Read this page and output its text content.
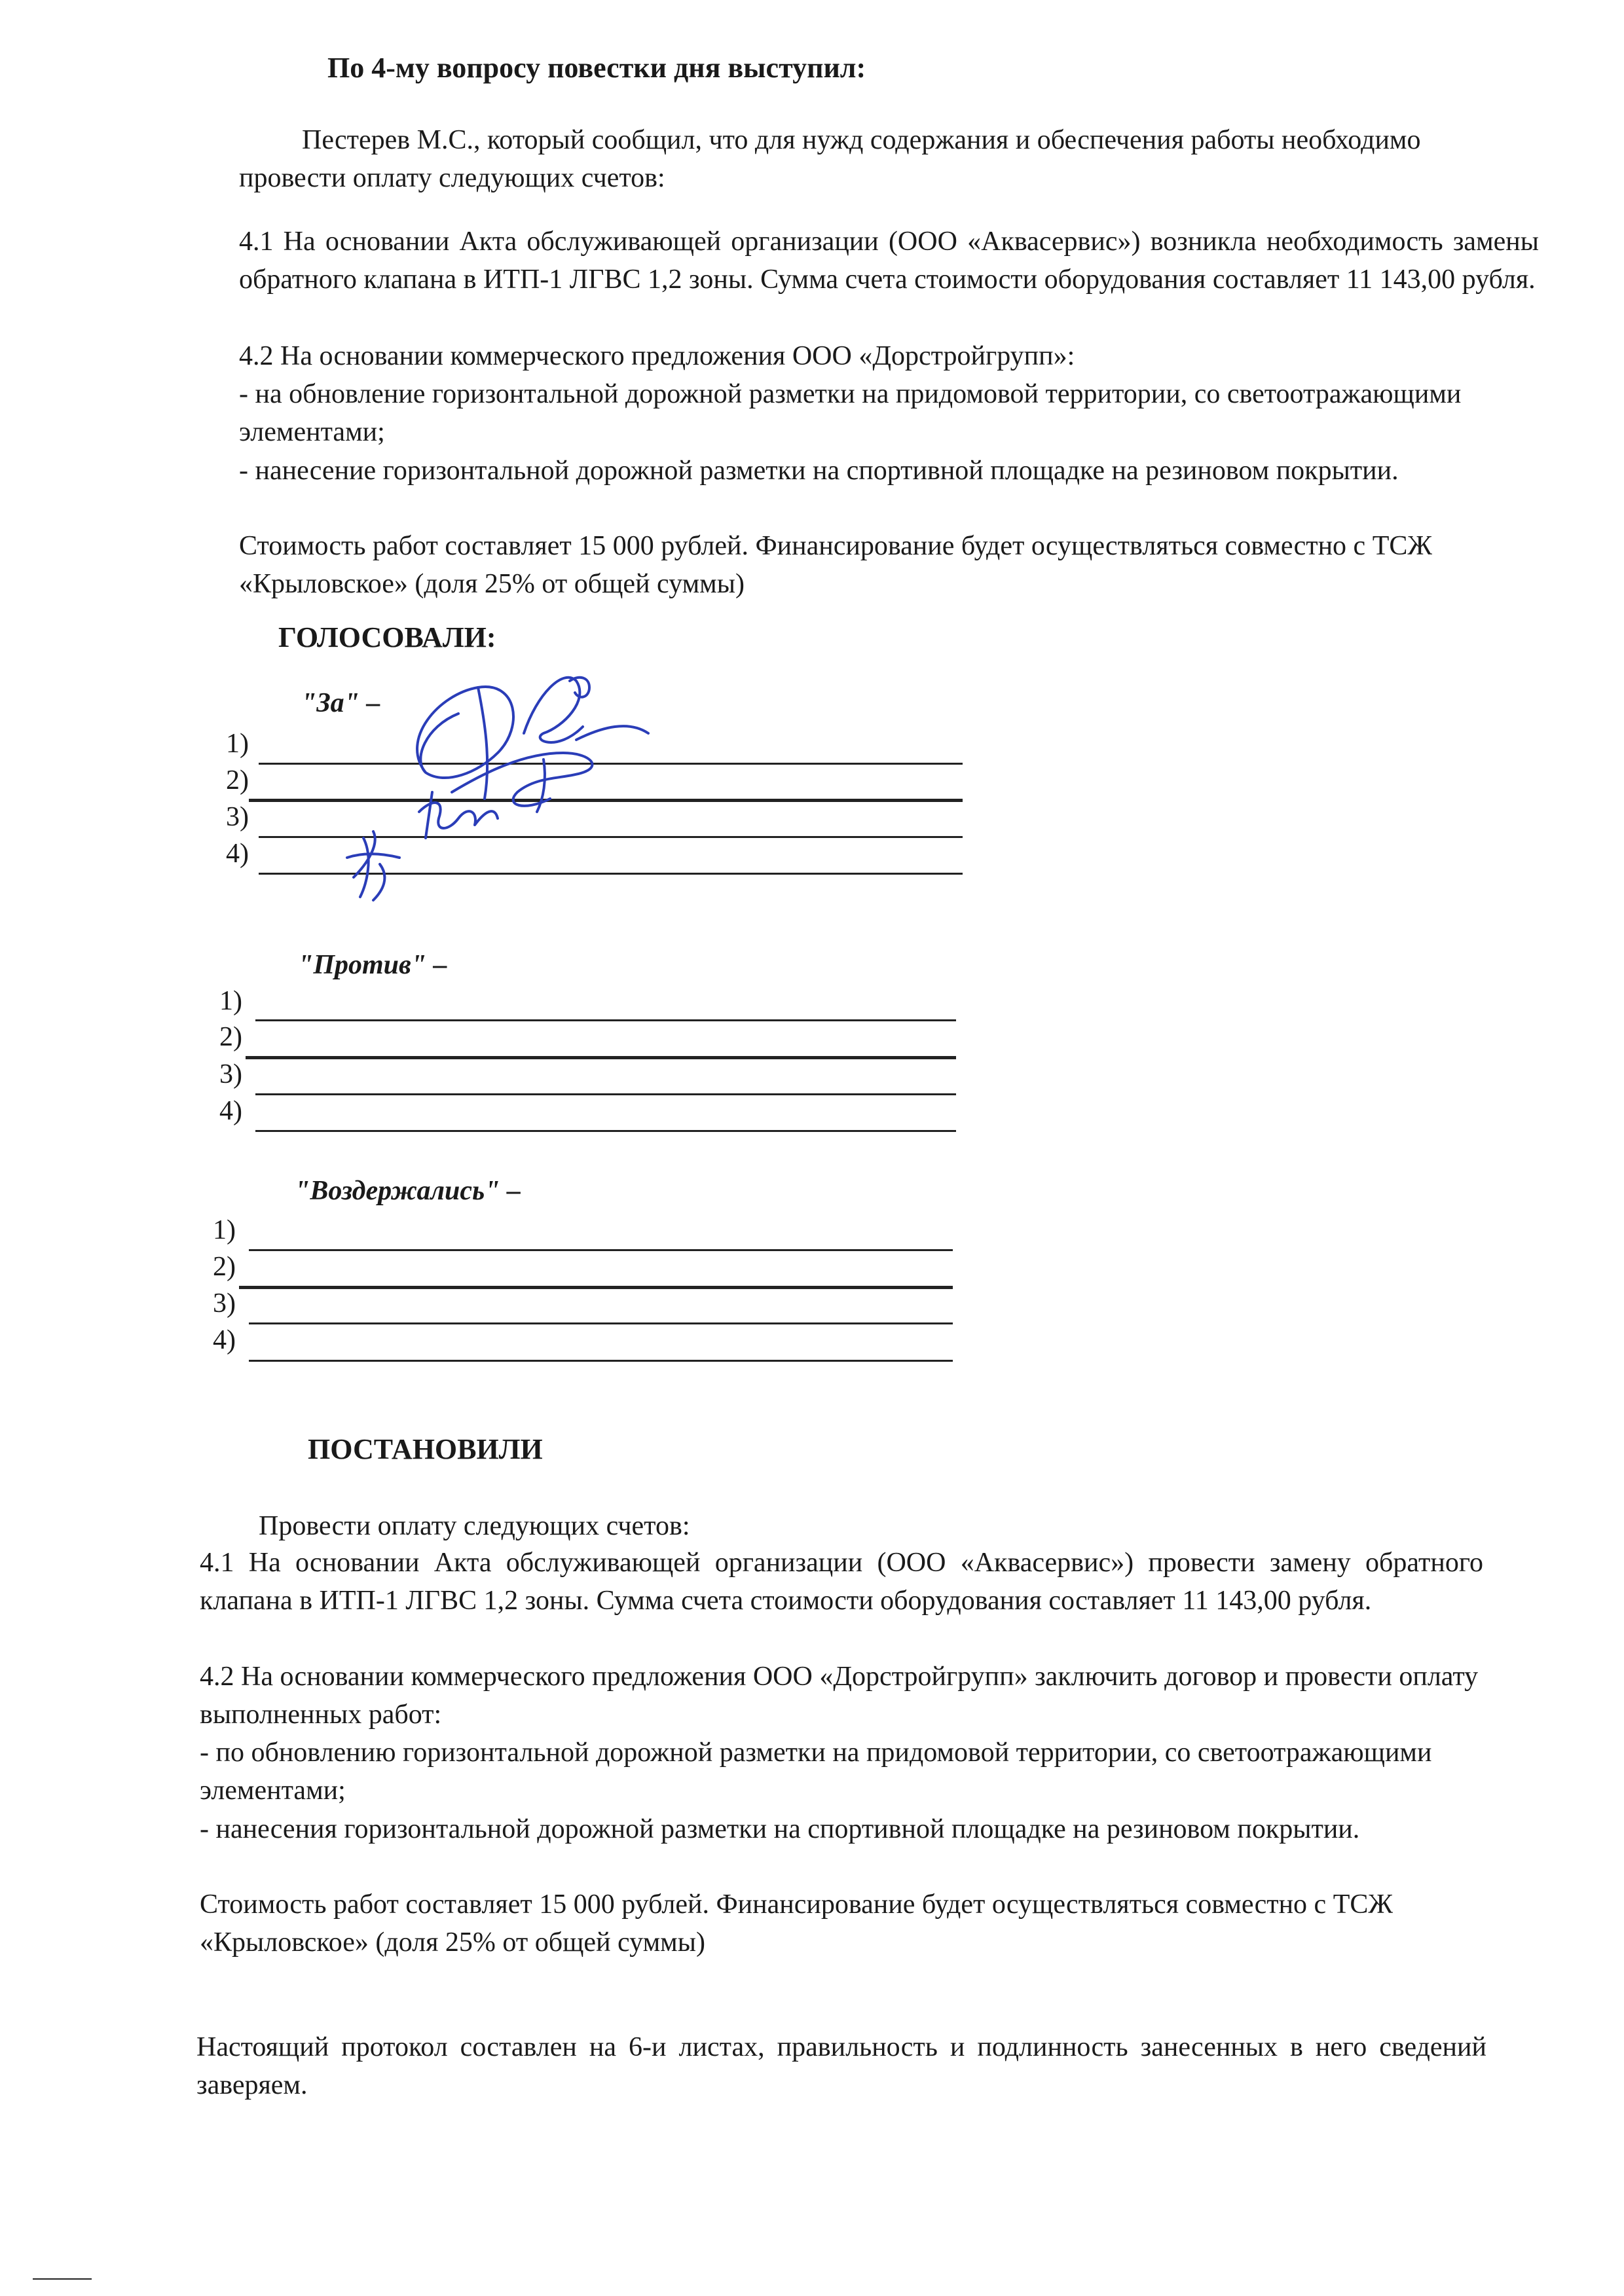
По 4-му вопросу повестки дня выступил:
Пестерев М.С., который сообщил, что для нужд содержания и обеспечения работы необходимо провести оплату следующих счетов:
4.1 На основании Акта обслуживающей организации (ООО «Аквасервис») возникла необходимость замены обратного клапана в ИТП-1 ЛГВС 1,2 зоны. Сумма счета стоимости оборудования составляет 11 143,00 рубля.
4.2 На основании коммерческого предложения ООО «Дорстройгрупп»:
- на обновление горизонтальной дорожной разметки на придомовой территории, со светоотражающими элементами;
- нанесение горизонтальной дорожной разметки на спортивной площадке на резиновом покрытии.
Стоимость работ составляет 15 000 рублей. Финансирование будет осуществляться совместно с ТСЖ «Крыловское» (доля 25% от общей суммы)
ГОЛОСОВАЛИ:
"За" –
1)
2)
3)
4)
"Против" –
1)
2)
3)
4)
"Воздержались" –
1)
2)
3)
4)
ПОСТАНОВИЛИ
Провести оплату следующих счетов:
4.1 На основании Акта обслуживающей организации (ООО «Аквасервис») провести замену обратного клапана в ИТП-1 ЛГВС 1,2 зоны. Сумма счета стоимости оборудования составляет 11 143,00 рубля.
4.2 На основании коммерческого предложения ООО «Дорстройгрупп» заключить договор и провести оплату выполненных работ:
- по обновлению горизонтальной дорожной разметки на придомовой территории, со светоотражающими элементами;
- нанесения горизонтальной дорожной разметки на спортивной площадке на резиновом покрытии.
Стоимость работ составляет 15 000 рублей. Финансирование будет осуществляться совместно с ТСЖ «Крыловское» (доля 25% от общей суммы)
Настоящий протокол составлен на 6-и листах, правильность и подлинность занесенных в него сведений заверяем.
